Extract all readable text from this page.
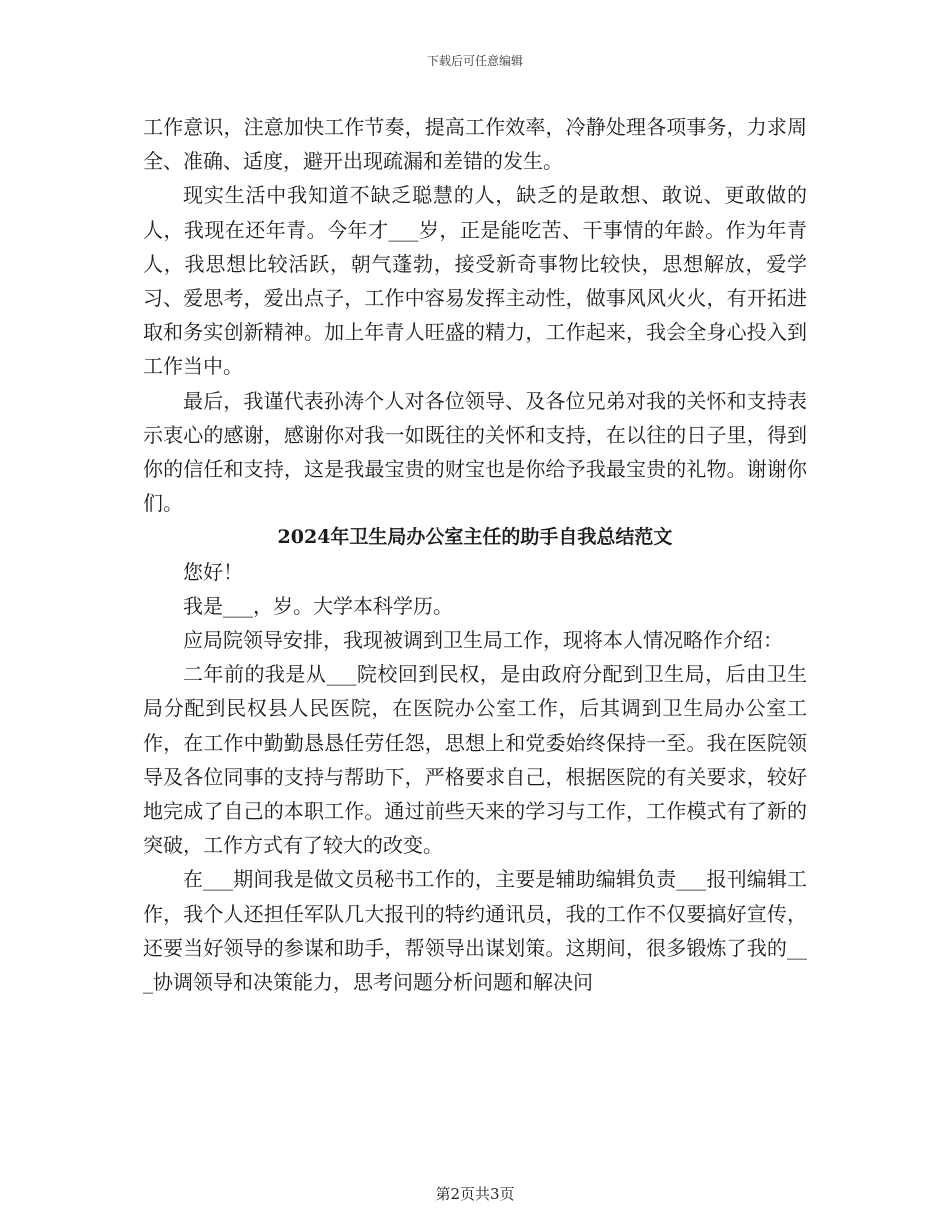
下载后可任意编辑

工作意识，注意加快工作节奏，提高工作效率，冷静处理各项事务，力求周全、准确、适度，避开出现疏漏和差错的发生。

现实生活中我知道不缺乏聪慧的人，缺乏的是敢想、敢说、更敢做的人，我现在还年青。今年才___岁，正是能吃苦、干事情的年龄。作为年青人，我思想比较活跃，朝气蓬勃，接受新奇事物比较快，思想解放，爱学习、爱思考，爱出点子，工作中容易发挥主动性，做事风风火火，有开拓进取和务实创新精神。加上年青人旺盛的精力，工作起来，我会全身心投入到工作当中。

最后，我谨代表孙涛个人对各位领导、及各位兄弟对我的关怀和支持表示衷心的感谢，感谢你对我一如既往的关怀和支持，在以往的日子里，得到你的信任和支持，这是我最宝贵的财宝也是你给予我最宝贵的礼物。谢谢你们。

2024年卫生局办公室主任的助手自我总结范文

您好！

我是___，岁。大学本科学历。

应局院领导安排，我现被调到卫生局工作，现将本人情况略作介绍：

二年前的我是从___院校回到民权，是由政府分配到卫生局，后由卫生局分配到民权县人民医院，在医院办公室工作，后其调到卫生局办公室工作，在工作中勤勤恳恳任劳任怨，思想上和党委始终保持一至。我在医院领导及各位同事的支持与帮助下，严格要求自己，根据医院的有关要求，较好地完成了自己的本职工作。通过前些天来的学习与工作，工作模式有了新的突破，工作方式有了较大的改变。

在___期间我是做文员秘书工作的，主要是辅助编辑负责___报刊编辑工作，我个人还担任军队几大报刊的特约通讯员，我的工作不仅要搞好宣传，还要当好领导的参谋和助手，帮领导出谋划策。这期间，很多锻炼了我的___协调领导和决策能力，思考问题分析问题和解决问

第2页共3页
